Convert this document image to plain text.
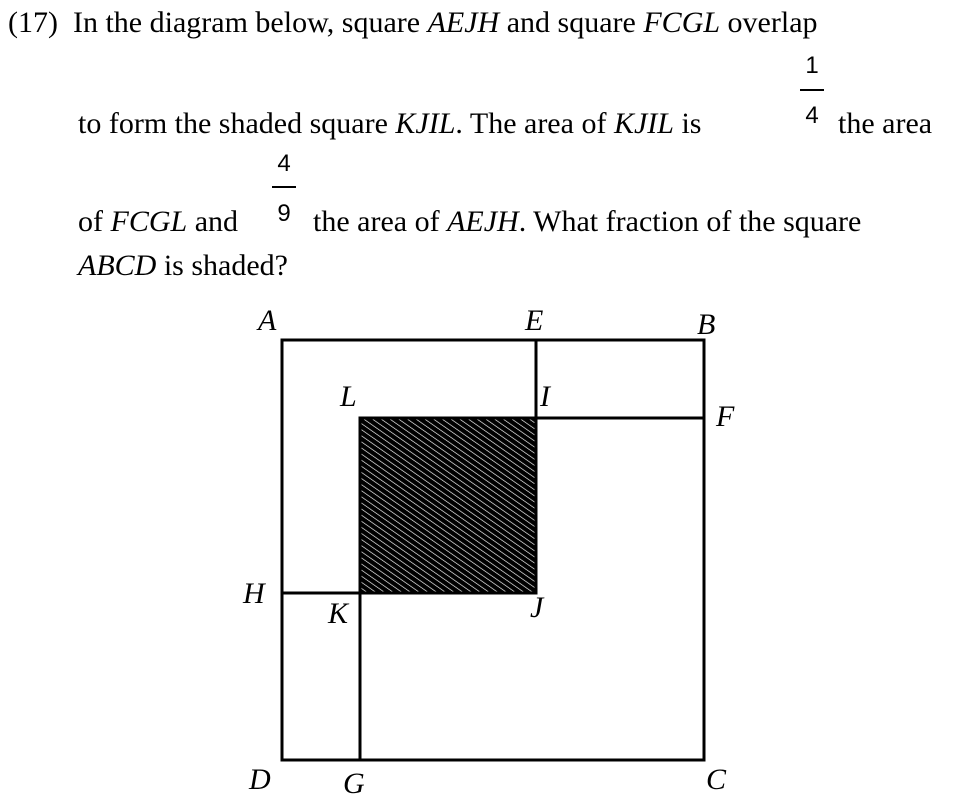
(17) In the diagram below, square AEJH and square FCGL overlap
1
4
to form the shaded square KJIL. The area of KJIL is	the area
4
9
of FCGL and the area of AEJH. What fraction of the square
ABCD is shaded?
A	E	B
L	I
F
H
K	J
D G	C
